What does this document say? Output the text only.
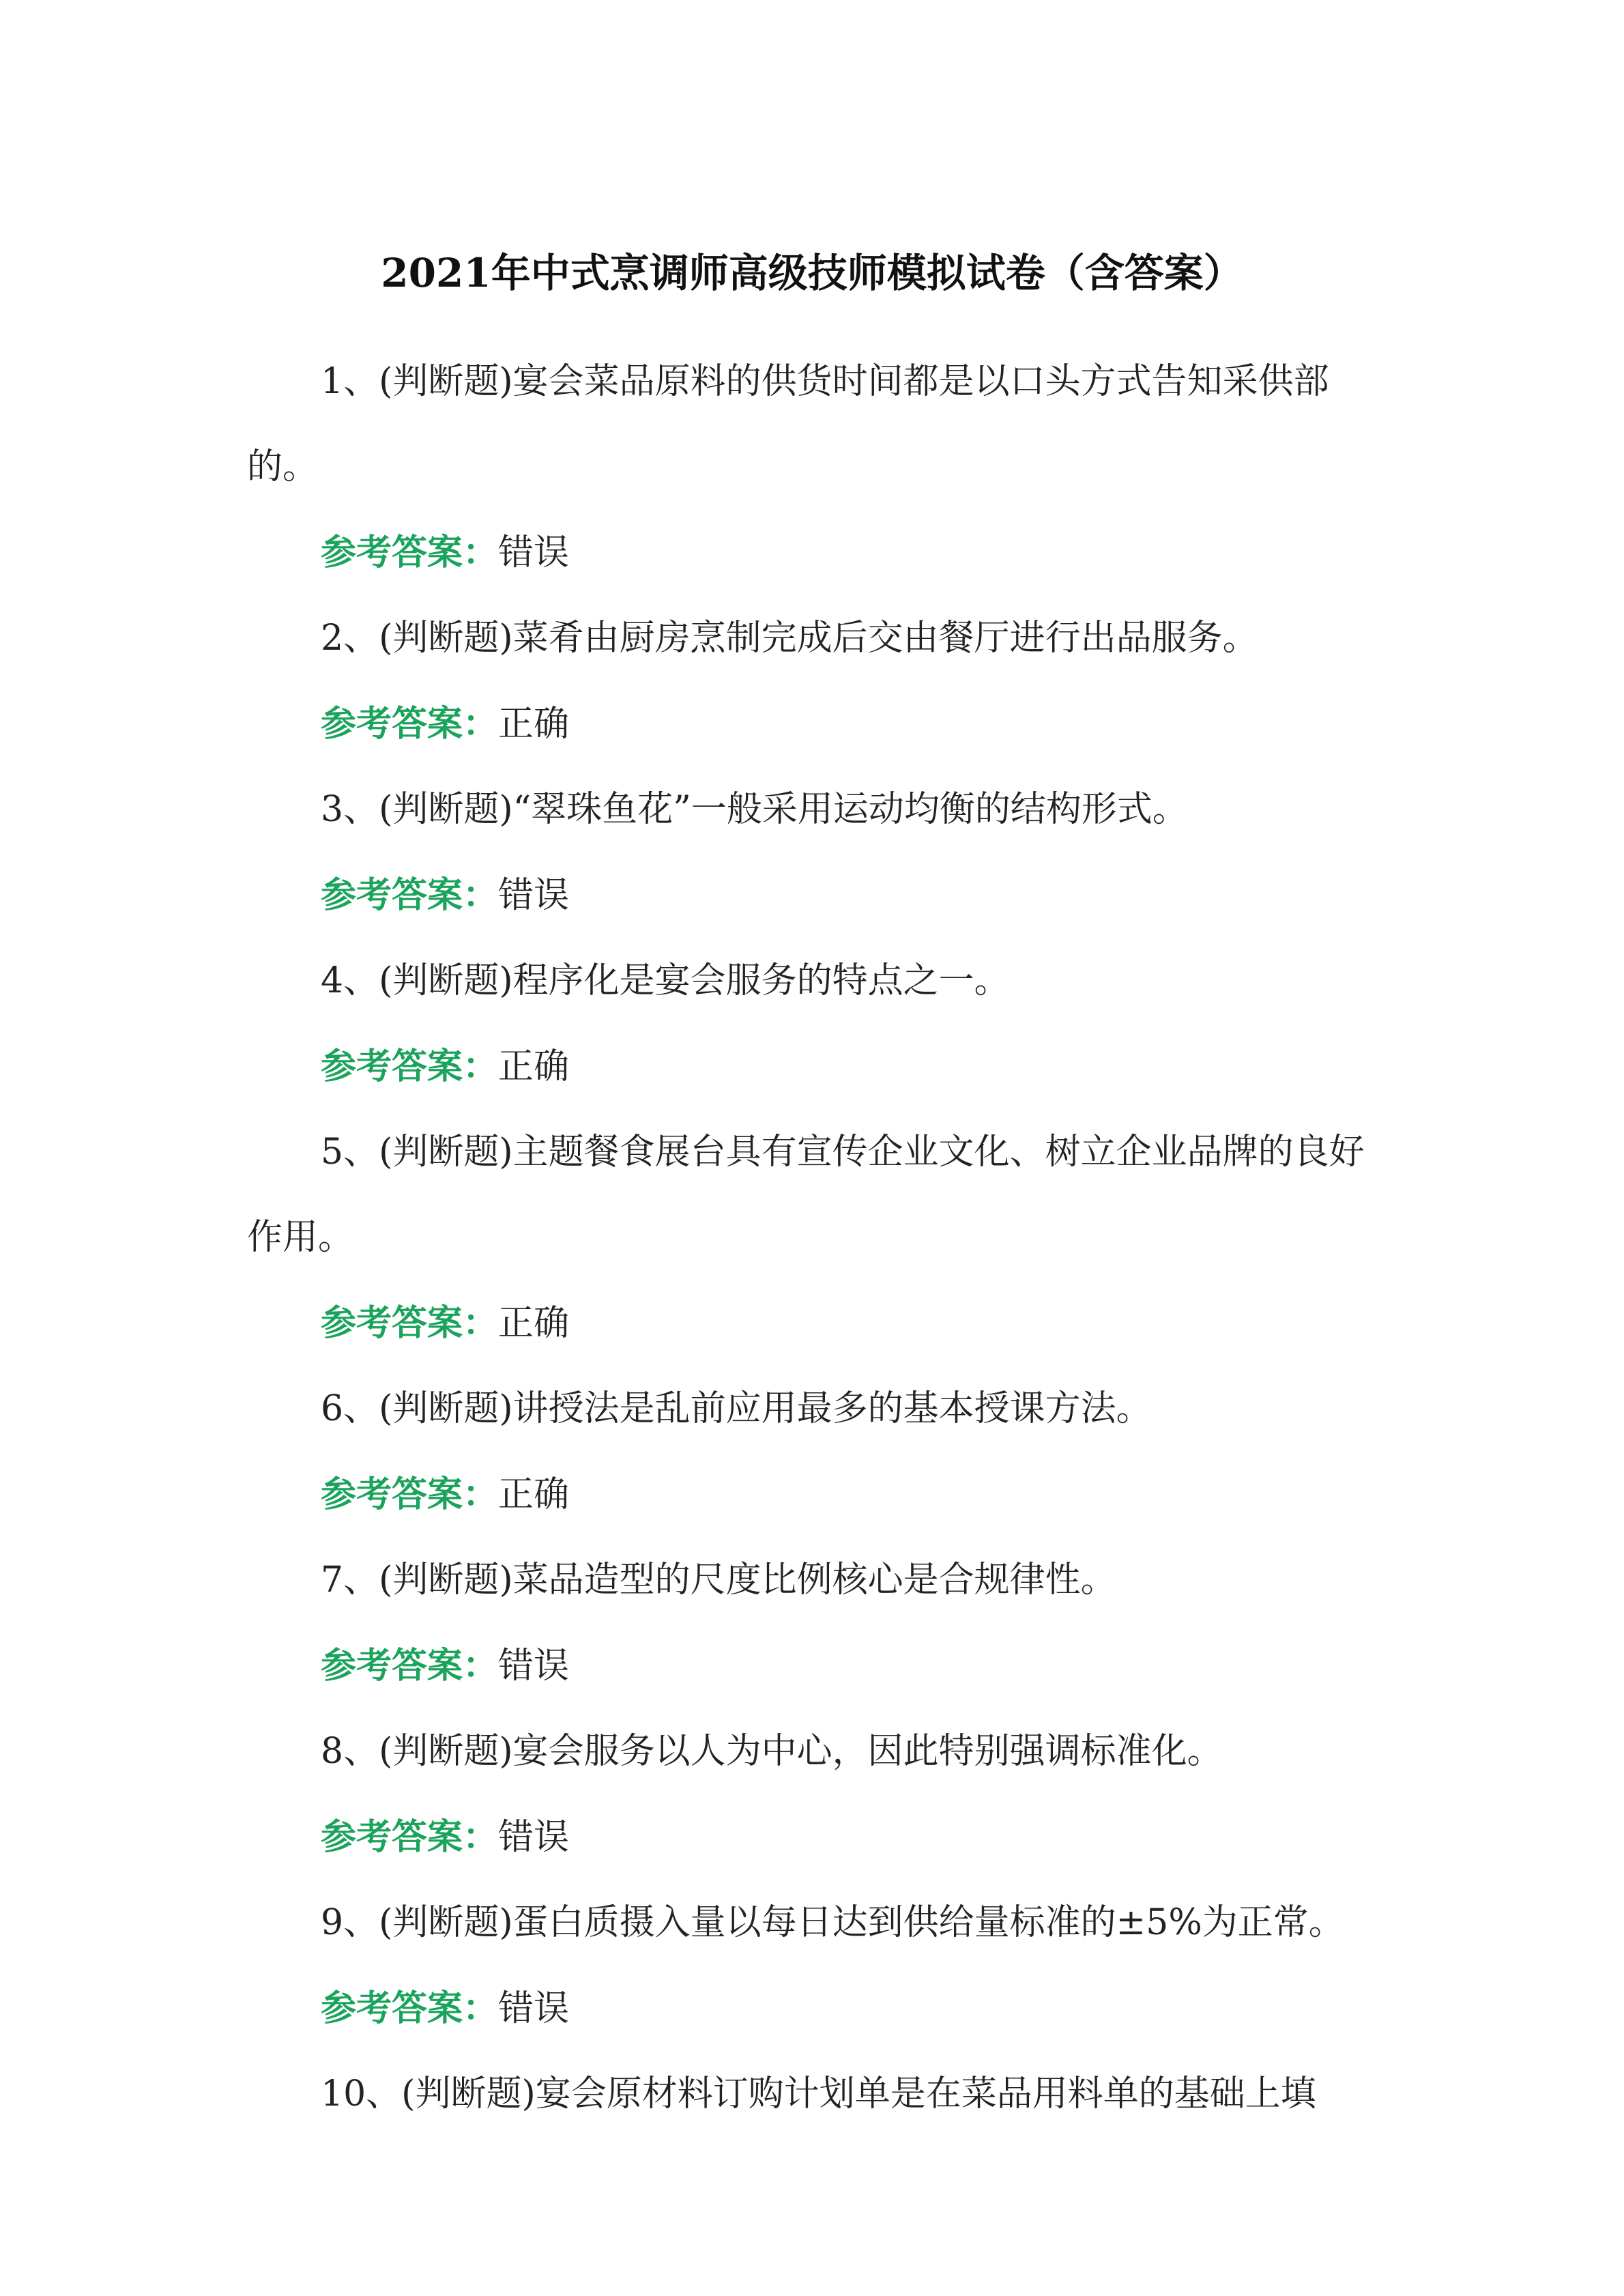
2021年中式烹调师高级技师模拟试卷（含答案）

1、(判断题)宴会菜品原料的供货时间都是以口头方式告知采供部的。

参考答案：错误

2、(判断题)菜肴由厨房烹制完成后交由餐厅进行出品服务。

参考答案：正确

3、(判断题)“翠珠鱼花”一般采用运动均衡的结构形式。

参考答案：错误

4、(判断题)程序化是宴会服务的特点之一。

参考答案：正确

5、(判断题)主题餐食展台具有宣传企业文化、树立企业品牌的良好作用。

参考答案：正确

6、(判断题)讲授法是乱前应用最多的基本授课方法。

参考答案：正确

7、(判断题)菜品造型的尺度比例核心是合规律性。

参考答案：错误

8、(判断题)宴会服务以人为中心，因此特别强调标准化。

参考答案：错误

9、(判断题)蛋白质摄入量以每日达到供给量标准的±5%为正常。

参考答案：错误

10、(判断题)宴会原材料订购计划单是在菜品用料单的基础上填
